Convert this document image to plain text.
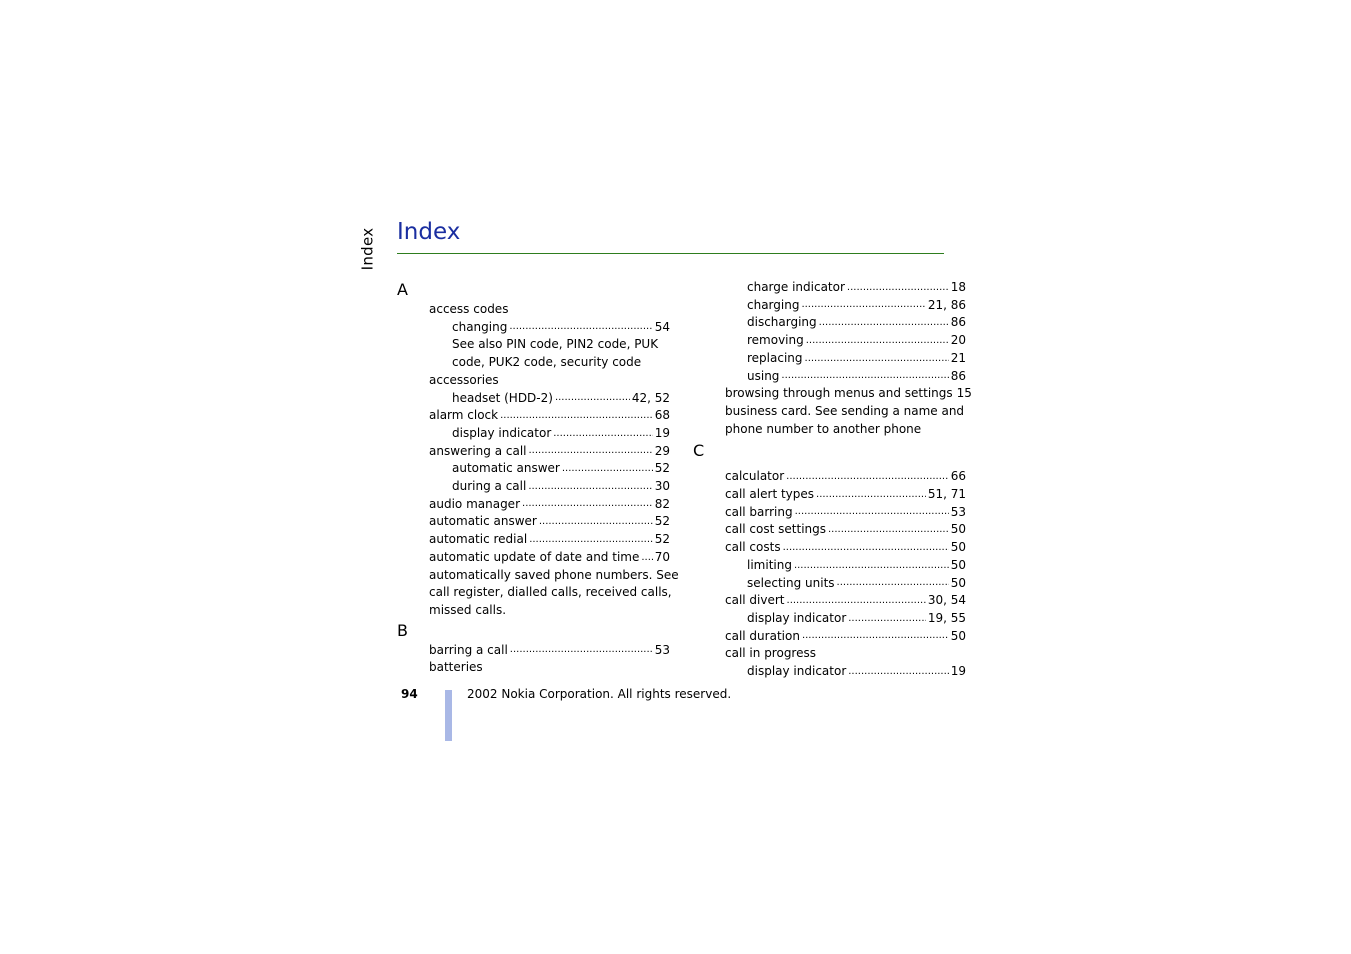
Index Index
A
access codes
changing .....	54
See also PIN code, PIN2 code, PUK
code, PUK2 code, security code
accessories
headset (HDD-2) .....	42, 52
alarm clock .....	68
display indicator .....	19
answering a call .....	29
automatic answer .....	52
during a call .....	30
audio manager .....	82
automatic answer .....	52
automatic redial .....	52
automatic update of date and time ..... 70
automatically saved phone numbers. See
call register, dialled calls, received calls,
missed calls.
B
barring a call .....	53
batteries
charge indicator .....	18
charging .....	21, 86
discharging .....	86
removing .....	20
replacing .....	21
using .....	86
browsing through menus and settings 15
business card. See sending a name and
phone number to another phone
C
calculator .....	66
call alert types .....	51, 71
call barring .....	53
call cost settings .....	50
call costs .....	50
limiting .....	50
selecting units .....	50
call divert .....	30, 54
display indicator .....	19, 55
call duration .....	50
call in progress
display indicator .....	19
94	2002 Nokia Corporation. All rights reserved.
